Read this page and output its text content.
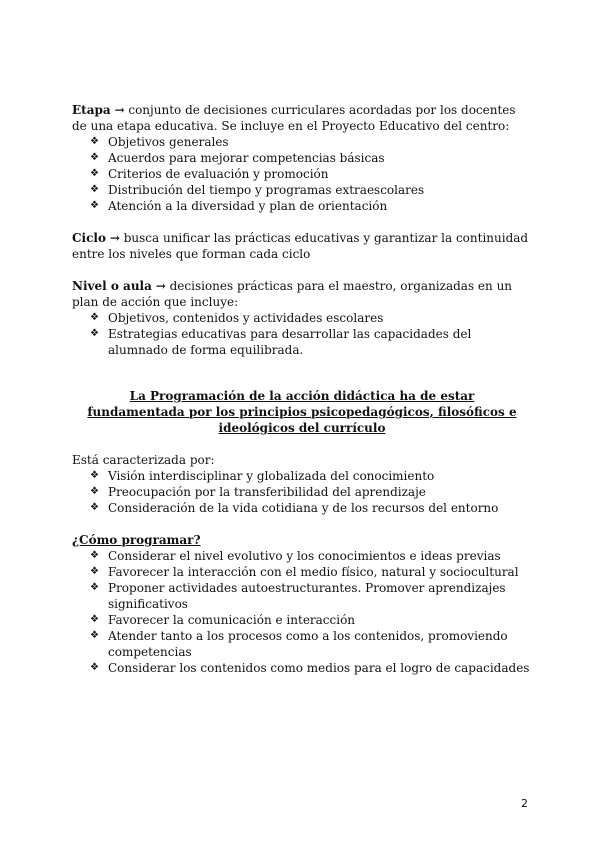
Etapa → conjunto de decisiones curriculares acordadas por los docentes de una etapa educativa. Se incluye en el Proyecto Educativo del centro:

❖ Objetivos generales
❖ Acuerdos para mejorar competencias básicas
❖ Criterios de evaluación y promoción
❖ Distribución del tiempo y programas extraescolares
❖ Atención a la diversidad y plan de orientación

Ciclo → busca unificar las prácticas educativas y garantizar la continuidad entre los niveles que forman cada ciclo

Nivel o aula → decisiones prácticas para el maestro, organizadas en un plan de acción que incluye:

❖ Objetivos, contenidos y actividades escolares
❖ Estrategias educativas para desarrollar las capacidades del alumnado de forma equilibrada.

La Programación de la acción didáctica ha de estar fundamentada por los principios psicopedagógicos, filosóficos e ideológicos del currículo

Está caracterizada por:

❖ Visión interdisciplinar y globalizada del conocimiento
❖ Preocupación por la transferibilidad del aprendizaje
❖ Consideración de la vida cotidiana y de los recursos del entorno

¿Cómo programar?

❖ Considerar el nivel evolutivo y los conocimientos e ideas previas
❖ Favorecer la interacción con el medio físico, natural y sociocultural
❖ Proponer actividades autoestructurantes. Promover aprendizajes significativos
❖ Favorecer la comunicación e interacción
❖ Atender tanto a los procesos como a los contenidos, promoviendo competencias
❖ Considerar los contenidos como medios para el logro de capacidades
2
